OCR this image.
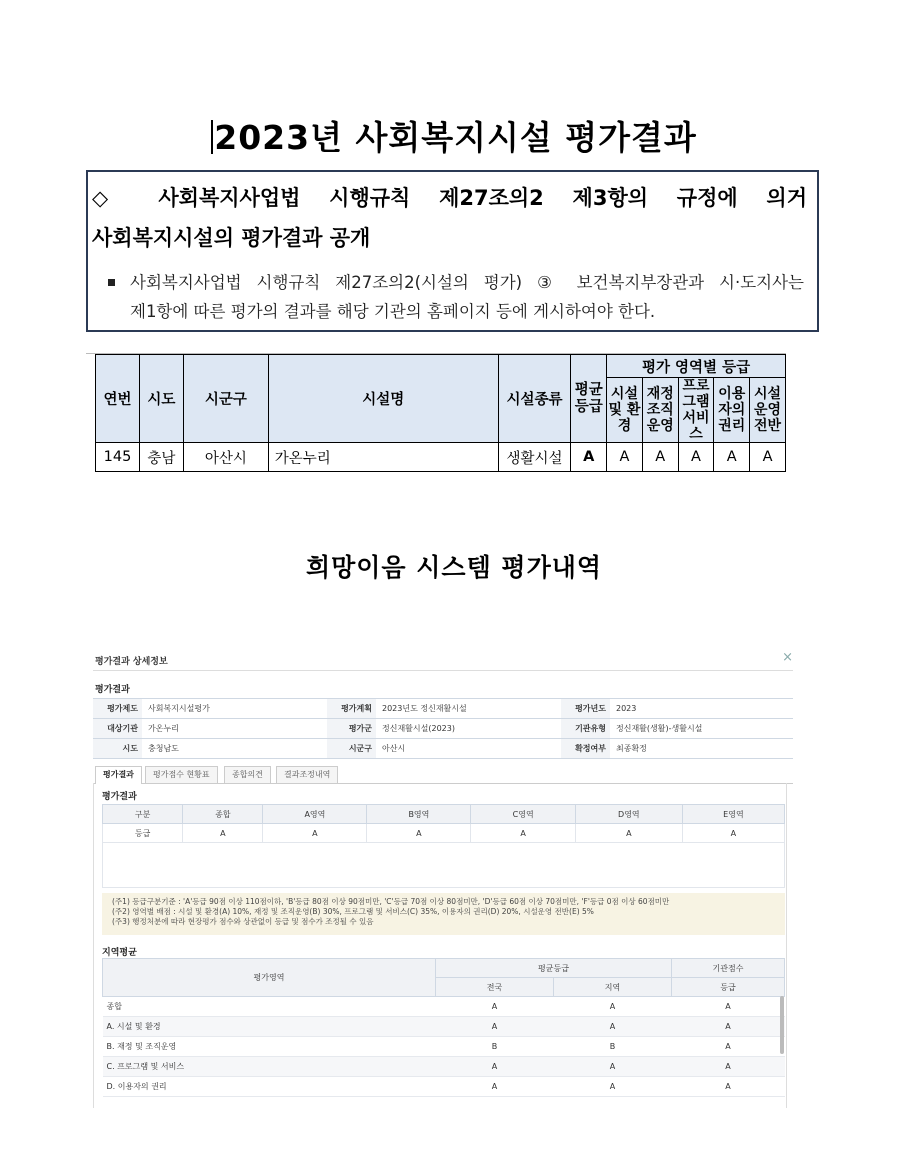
2023년 사회복지시설 평가결과
◇ 사회복지사업법 시행규칙 제27조의2 제3항의 규정에 의거
사회복지시설의 평가결과 공개
사회복지사업법 시행규칙 제27조의2(시설의 평가) ③ 보건복지부장관과 시·도지사는
제1항에 따른 평가의 결과를 해당 기관의 홈페이지 등에 게시하여야 한다.
연번	시도	시군구	시설명	시설종류	평균등급	평가 영역별 등급				
						시설 및 환경	재정 조직 운영	프로그램 서비스	이용자의 권리	시설 운영 전반
145	충남	아산시	가온누리	생활시설	A	A	A	A	A	A
희망이음 시스템 평가내역
평가결과 상세정보	×
평가결과
평가제도	사회복지시설평가	평가계획	2023년도 정신재활시설	평가년도	2023
대상기관	가온누리	평가군	정신재활시설(2023)	기관유형	정신재활(생활)-생활시설
시도	충청남도	시군구	아산시	확정여부	최종확정
평가결과	평가점수 현황표	종합의견	결과조정내역
평가결과
구분	종합	A영역	B영역	C영역	D영역	E영역
등급	A	A	A	A	A	A
(주1) 등급구분기준 : 'A'등급 90점 이상 110점이하, 'B'등급 80점 이상 90점미만, 'C'등급 70점 이상 80점미만, 'D'등급 60점 이상 70점미만, 'F'등급 0점 이상 60점미만
(주2) 영역별 배점 : 시설 및 환경(A) 10%, 재정 및 조직운영(B) 30%, 프로그램 및 서비스(C) 35%, 이용자의 권리(D) 20%, 시설운영 전반(E) 5%
(주3) 행정처분에 따라 현장평가 점수와 상관없이 등급 및 점수가 조정될 수 있음
지역평균
평가영역	평균등급		기관점수
	전국	지역	등급
종합	A	A	A
A. 시설 및 환경	A	A	A
B. 재정 및 조직운영	B	B	A
C. 프로그램 및 서비스	A	A	A
D. 이용자의 권리	A	A	A
